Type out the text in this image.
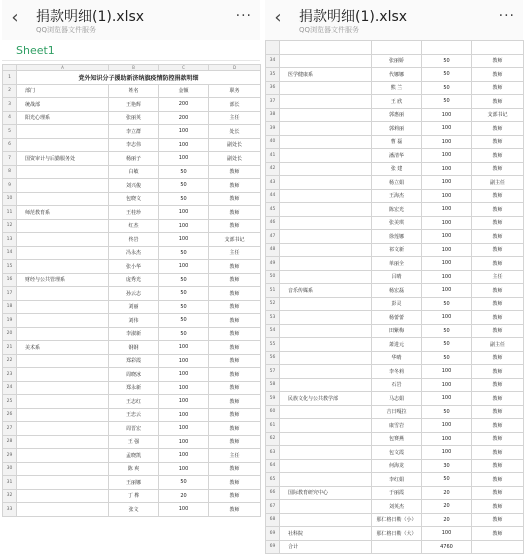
‹ 捐款明细(1).xlsx
QQ浏览器文件服务
···
Sheet1
	A	B	C	D
1	党外知识分子援助新济纳旗疫情防控捐款明细			
2	部门	姓名	金额	职务
3	统战部	王艳辉	200	部长
4	阳光心理系	张丽英	200	主任
5		李立群	100	处长
6		李志伟	100	副处长
7	国资审计与后勤服务处	杨丽子	100	副处长
8		白敏	50	教师
9		刘兴俊	50	教师
10		包晓文	50	教师
11	师范教育系	王桂珍	100	教师
12		红杰	100	教师
13		佟岩	100	支部书记
14		冯永杰	50	主任
15		张小华	100	教师
16	财经与公共管理系	庞秀光	50	教师
17		孙云志	50	教师
18		刘丽	50	教师
19		刘伟	50	教师
20		李淑新	50	教师
21	美术系	钢钢	100	教师
22		郑彩霞	100	教师
23		周晓冰	100	教师
24		郑永新	100	教师
25		王志红	100	教师
26		王忠云	100	教师
27		周晋宏	100	教师
28		王 强	100	教师
29		孟晓凯	100	主任
30		陈 爽	100	教师
31		王丽娜	50	教师
32		丁 桦	20	教师
33		张文	100	教师
‹ 捐款明细(1).xlsx
QQ浏览器文件服务
···

34		张丽娇	50	教师
35	医学健康系	代娜娜	50	教师
36		熊 兰	50	教师
37		王 欣	50	教师
38		郭惠丽	100	支部书记
39		郭莉丽	100	教师
40		曹 磊	100	教师
41		潘清华	100	教师
42		张 建	100	教师
43		杨立娟	100	副主任
44		王海杰	100	教师
45		陈宏光	100	教师
46		张美琪	100	教师
47		徐莲娜	100	教师
48		祁文新	100	教师
49		单丽全	100	教师
50		吕晴	100	主任
51	音乐传媒系	杨宏磊	100	教师
52		彭灵	50	教师
53		杨蕾蕾	100	教师
54		田紫梅	50	教师
55		萧进元	50	副主任
56		华晴	50	教师
57		李冬莉	100	教师
58		石岩	100	教师
59	民族文化与公共教学部	马志娟	100	教师
60		吉日嘎拉	50	教师
61		康雪岩	100	教师
62		包赛燕	100	教师
63		包文霞	100	教师
64		何海龙	30	教师
65		李红娟	50	教师
66	国际教育研究中心	于丽霞	20	教师
67		刘英杰	20	教师
68		那仁格日勒（小）	20	教师
69	社科院	那仁格日勒（大）	100	教师
69	合计		4760	
